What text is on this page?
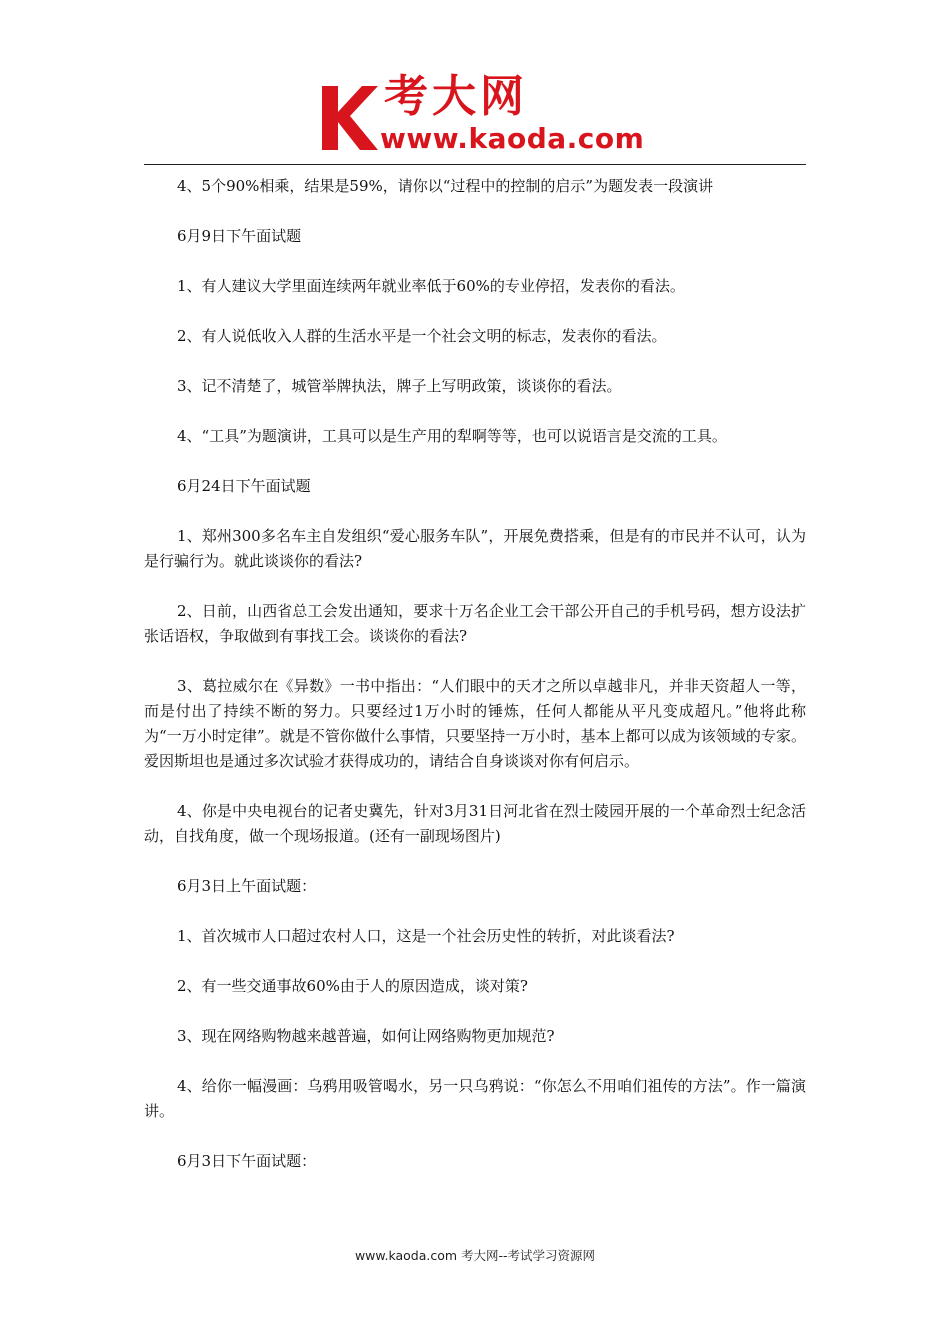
考大网
www.kaoda.com

4、5个90%相乘，结果是59%，请你以“过程中的控制的启示”为题发表一段演讲

6月9日下午面试题

1、有人建议大学里面连续两年就业率低于60%的专业停招，发表你的看法。

2、有人说低收入人群的生活水平是一个社会文明的标志，发表你的看法。

3、记不清楚了，城管举牌执法，牌子上写明政策，谈谈你的看法。

4、“工具”为题演讲，工具可以是生产用的犁啊等等，也可以说语言是交流的工具。

6月24日下午面试题

1、郑州300多名车主自发组织“爱心服务车队”，开展免费搭乘，但是有的市民并不认可，认为是行骗行为。就此谈谈你的看法?

2、日前，山西省总工会发出通知，要求十万名企业工会干部公开自己的手机号码，想方设法扩张话语权，争取做到有事找工会。谈谈你的看法?

3、葛拉威尔在《异数》一书中指出：“人们眼中的天才之所以卓越非凡，并非天资超人一等，而是付出了持续不断的努力。只要经过1万小时的锤炼，任何人都能从平凡变成超凡。”他将此称为“一万小时定律”。就是不管你做什么事情，只要坚持一万小时，基本上都可以成为该领域的专家。爱因斯坦也是通过多次试验才获得成功的，请结合自身谈谈对你有何启示。

4、你是中央电视台的记者史冀先，针对3月31日河北省在烈士陵园开展的一个革命烈士纪念活动，自找角度，做一个现场报道。(还有一副现场图片)

6月3日上午面试题：

1、首次城市人口超过农村人口，这是一个社会历史性的转折，对此谈看法?

2、有一些交通事故60%由于人的原因造成，谈对策?

3、现在网络购物越来越普遍，如何让网络购物更加规范?

4、给你一幅漫画：乌鸦用吸管喝水，另一只乌鸦说：“你怎么不用咱们祖传的方法”。作一篇演讲。

6月3日下午面试题：

www.kaoda.com 考大网--考试学习资源网
